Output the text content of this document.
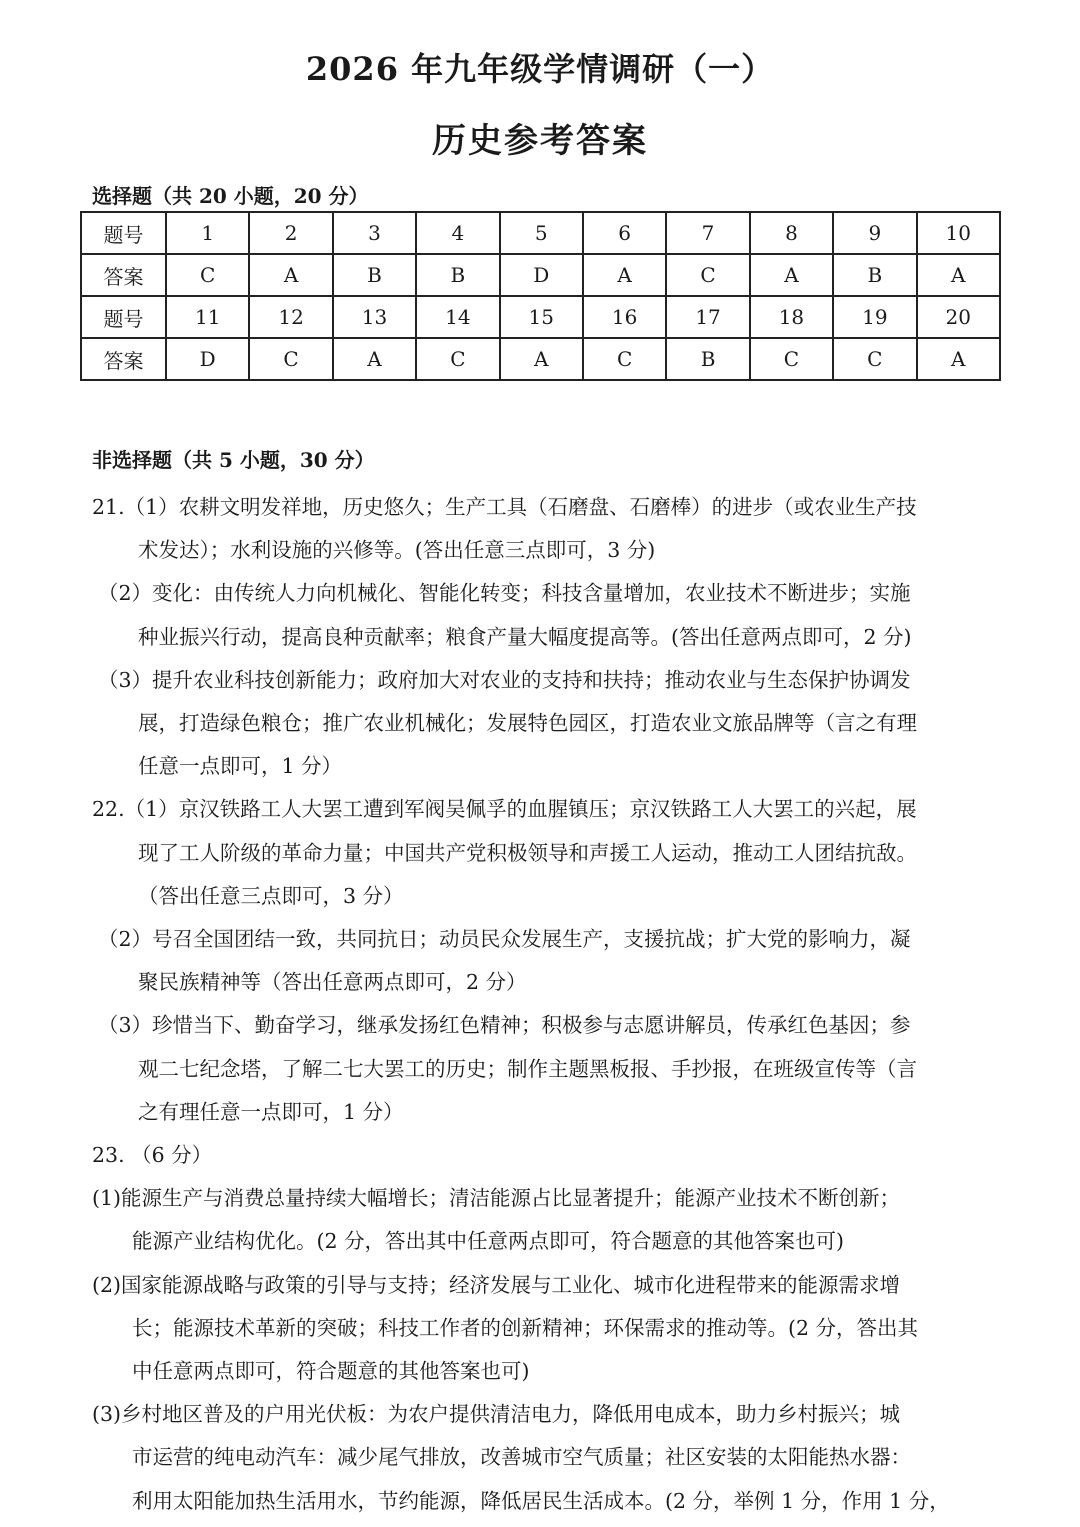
2026 年九年级学情调研（一）
历史参考答案
选择题（共 20 小题，20 分）
题号	1	2	3	4	5	6	7	8	9	10
答案	C	A	B	B	D	A	C	A	B	A
题号	11	12	13	14	15	16	17	18	19	20
答案	D	C	A	C	A	C	B	C	C	A
非选择题（共 5 小题，30 分）
21.（1）农耕文明发祥地，历史悠久；生产工具（石磨盘、石磨棒）的进步（或农业生产技
术发达）；水利设施的兴修等。(答出任意三点即可，3 分)
（2）变化：由传统人力向机械化、智能化转变；科技含量增加，农业技术不断进步；实施
种业振兴行动，提高良种贡献率；粮食产量大幅度提高等。(答出任意两点即可，2 分)
（3）提升农业科技创新能力；政府加大对农业的支持和扶持；推动农业与生态保护协调发
展，打造绿色粮仓；推广农业机械化；发展特色园区，打造农业文旅品牌等（言之有理
任意一点即可，1 分）
22.（1）京汉铁路工人大罢工遭到军阀吴佩孚的血腥镇压；京汉铁路工人大罢工的兴起，展
现了工人阶级的革命力量；中国共产党积极领导和声援工人运动，推动工人团结抗敌。
（答出任意三点即可，3 分）
（2）号召全国团结一致，共同抗日；动员民众发展生产，支援抗战；扩大党的影响力，凝
聚民族精神等（答出任意两点即可，2 分）
（3）珍惜当下、勤奋学习，继承发扬红色精神；积极参与志愿讲解员，传承红色基因；参
观二七纪念塔，了解二七大罢工的历史；制作主题黑板报、手抄报，在班级宣传等（言
之有理任意一点即可，1 分）
23. （6 分）
(1)能源生产与消费总量持续大幅增长；清洁能源占比显著提升；能源产业技术不断创新；
能源产业结构优化。(2 分，答出其中任意两点即可，符合题意的其他答案也可)
(2)国家能源战略与政策的引导与支持；经济发展与工业化、城市化进程带来的能源需求增
长；能源技术革新的突破；科技工作者的创新精神；环保需求的推动等。(2 分，答出其
中任意两点即可，符合题意的其他答案也可)
(3)乡村地区普及的户用光伏板：为农户提供清洁电力，降低用电成本，助力乡村振兴；城
市运营的纯电动汽车：减少尾气排放，改善城市空气质量；社区安装的太阳能热水器：
利用太阳能加热生活用水，节约能源，降低居民生活成本。(2 分，举例 1 分，作用 1 分，
